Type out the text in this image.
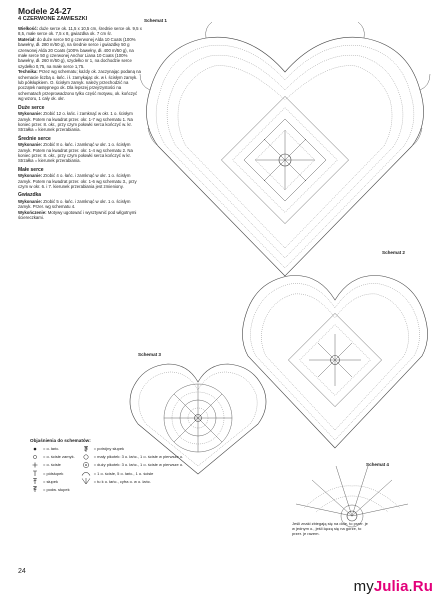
Modele 24-27

4 CZERWONE ZAWIESZKI

Wielkość: duże serce ok. 11,5 x 10,5 cm, średnie serce ok. 9,5 x 8,5, małe serce ok. 7,5 x 8, gwiazdka ok. 7 cm śr.

Materiał: do duże serce 50 g czerwonej Alda 10 Coats (100% bawełny, dł. 280 m/50 g), na średnie serce i gwiazdkę 50 g czerwonej Alda 20 Coats (100% bawełny, dł. 400 m/50 g), na małe serce 50 g czerwonej Anchor Liana 10 Coats (100% bawełny, dł. 260 m/50 g), szydełko nr 1, na dochodzie serce szydełko 0,75, na małe serce 1,75.

Technika: Przez wg schematu; każdy ok. zaczynając podaną na schemacie liczbą o. łańc. i ł. zamykając ok. w ł. ścisłym zamyk. lub półsłupkiem. O. ścisłym zamyk. należy przechodzić na początek następnego ok. Dla lepszej przejrzystości na schematach przeprowadzono tylko część motywu, ok. kończyć wg wzoru, 1 cały ok. okr.

Duże serce

Wykonanie: Zrobić 12 o. łańc. i zamknąć w okr. 1 o. ścisłym zamyk. Potem na kwadrat przer. okr. 1-7 wg schematu 1. Na koniec przer. 8. okr., przy czym połowki serca kończyć w. kr. Strzałka = kierunek przerabiania.

Średnie serce

Wykonanie: Zrobić 8 o. łańc. i zamknąć w okr. 1 o. ścisłym zamyk. Potem na kwadrat przer. okr. 1-4 wg schematu 2. Na koniec przer. 8. okr., przy czym połowki serca kończyć w kr. Strzałka = kierunek przerabiania.

Małe serce

Wykonanie: Zrobić 4 o. łańc. i zamknąć w okr. 1 o. ścisłym zamyk. Potem na kwadrat przer. okr. 1-6 wg schematu 3., przy czym w okr. 6. i 7. kierunek przerabiania jest zmieniony.

Gwiazdka

Wykonanie: Zrobić 5 o. łańc. i zamknąć w okr. 1 o. ścisłym zamyk. Przer. wg schematu 4.

Wykończenie: Motywy ugotować i wysztywnić pod wilgotnymi ściereczkami.

Schemat 1
Schemat 2
Schemat 3
Schemat 4
Objaśnienia do schematów:
= o. łańc.
= o. ścisłe zamyk.
= o. ścisłe
= półsłupek
= słupek
= podw. słupek
= potrójny słupek
= mały pikotek: 3 o. łańc., 1 o. ścisłe w pierwsze o.
= duży pikotek: 3 o. łańc., 1 o. ścisłe w pierwsze o.
= 1 o. ścisłe, 5 o. łańc., 1 o. ścisłe
= tu k o. łańc., cyfra o. w o. łańc.
Jeśli znaki zbiegają się na dole, to przer. je w jednym o., jeśli łączą się na górze, to przer. je razem.
24
myJulia.Ru
